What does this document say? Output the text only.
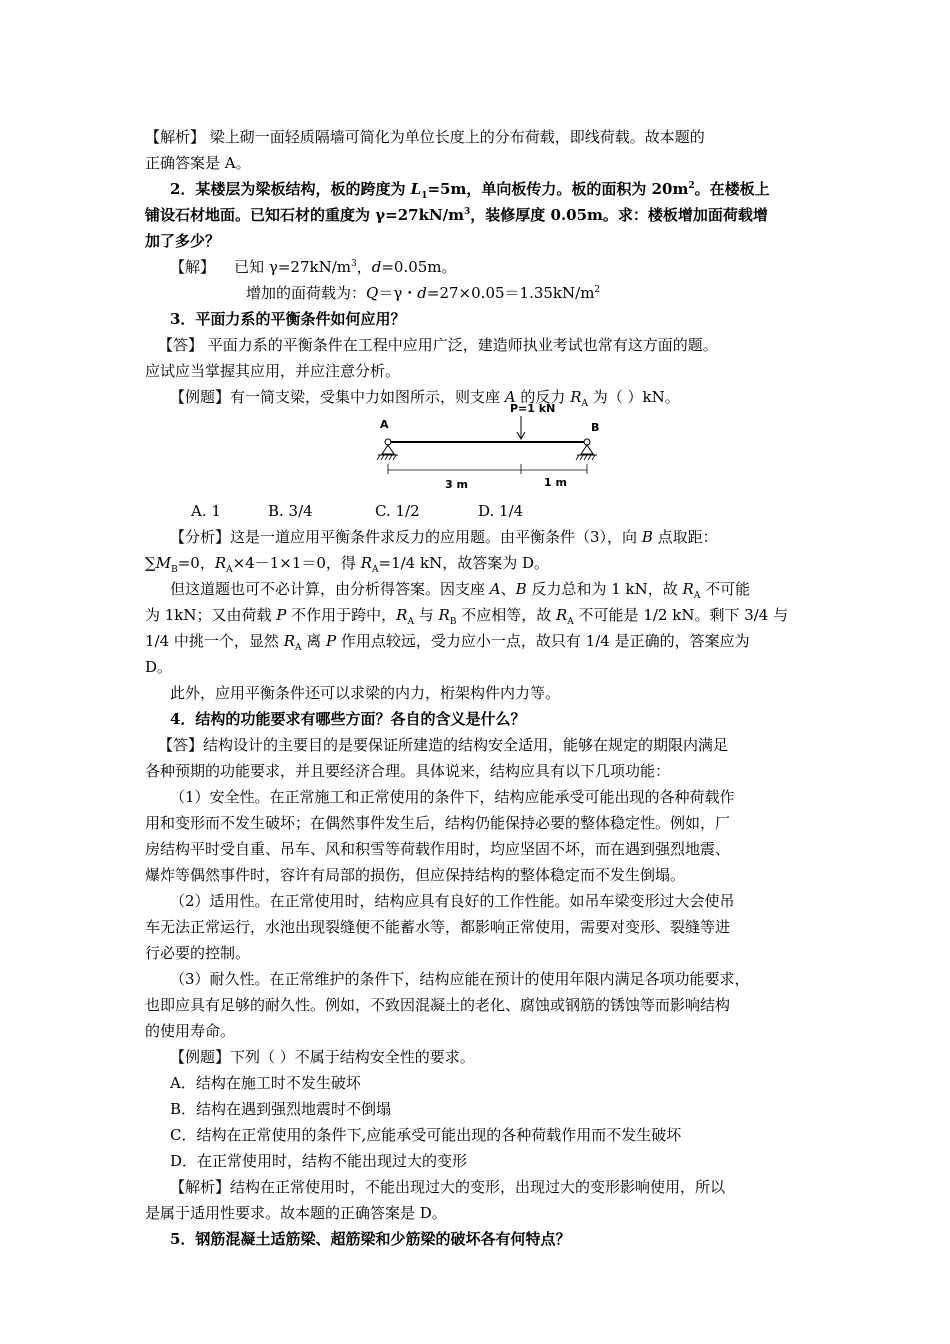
【解析】 梁上砌一面轻质隔墙可简化为单位长度上的分布荷载，即线荷载。故本题的
正确答案是 A。
2．某楼层为梁板结构，板的跨度为 $L_1=5m$，单向板传力。板的面积为 $20m^2$。在楼板上
铺设石材地面。已知石材的重度为 $\gamma=27kN/m^3$，装修厚度 0.05m。求：楼板增加面荷载增
加了多少？
【解】 已知 $\gamma=27kN/m^3$，d=0.05m。
增加的面荷载为：Q＝γ・$d=27\times 0.05=1.35kN/m^2$
3．平面力系的平衡条件如何应用？
【答】 平面力系的平衡条件在工程中应用广泛，建造师执业考试也常有这方面的题。
应试应当掌握其应用，并应注意分析。
【例题】有一简支梁，受集中力如图所示，则支座 A 的反力 $R_A$ 为（ ）kN。
P=1 kN
A	B
3 m	1 m
A. 1	B. 3/4	C. 1/2	D. 1/4
【分析】这是一道应用平衡条件求反力的应用题。由平衡条件（3），向 B 点取距：
$\sum M_B=0$，$R_A\times 4-1\times 1=0$，得 $R_A=1/4$ kN，故答案为 D。
但这道题也可不必计算，由分析得答案。因支座 A、B 反力总和为 1 kN，故 $R_A$ 不可能
为 1kN；又由荷载 P 不作用于跨中，$R_A$ 与 $R_B$ 不应相等，故 $R_A$ 不可能是 1/2 kN。剩下 3/4 与
1/4 中挑一个，显然 $R_A$ 离 P 作用点较远，受力应小一点，故只有 1/4 是正确的，答案应为
D。
此外，应用平衡条件还可以求梁的内力，桁架构件内力等。
4．结构的功能要求有哪些方面？各自的含义是什么？
【答】结构设计的主要目的是要保证所建造的结构安全适用，能够在规定的期限内满足
各种预期的功能要求，并且要经济合理。具体说来，结构应具有以下几项功能：
（1）安全性。在正常施工和正常使用的条件下，结构应能承受可能出现的各种荷载作
用和变形而不发生破坏；在偶然事件发生后，结构仍能保持必要的整体稳定性。例如，厂
房结构平时受自重、吊车、风和积雪等荷载作用时，均应坚固不坏，而在遇到强烈地震、
爆炸等偶然事件时，容许有局部的损伤，但应保持结构的整体稳定而不发生倒塌。
（2）适用性。在正常使用时，结构应具有良好的工作性能。如吊车梁变形过大会使吊
车无法正常运行，水池出现裂缝便不能蓄水等，都影响正常使用，需要对变形、裂缝等进
行必要的控制。
（3）耐久性。在正常维护的条件下，结构应能在预计的使用年限内满足各项功能要求，
也即应具有足够的耐久性。例如，不致因混凝土的老化、腐蚀或钢筋的锈蚀等而影响结构
的使用寿命。
【例题】下列（ ）不属于结构安全性的要求。
A．结构在施工时不发生破坏
B．结构在遇到强烈地震时不倒塌
C．结构在正常使用的条件下,应能承受可能出现的各种荷载作用而不发生破坏
D．在正常使用时，结构不能出现过大的变形
【解析】结构在正常使用时，不能出现过大的变形，出现过大的变形影响使用，所以
是属于适用性要求。故本题的正确答案是 D。
5．钢筋混凝土适筋梁、超筋梁和少筋梁的破坏各有何特点？
